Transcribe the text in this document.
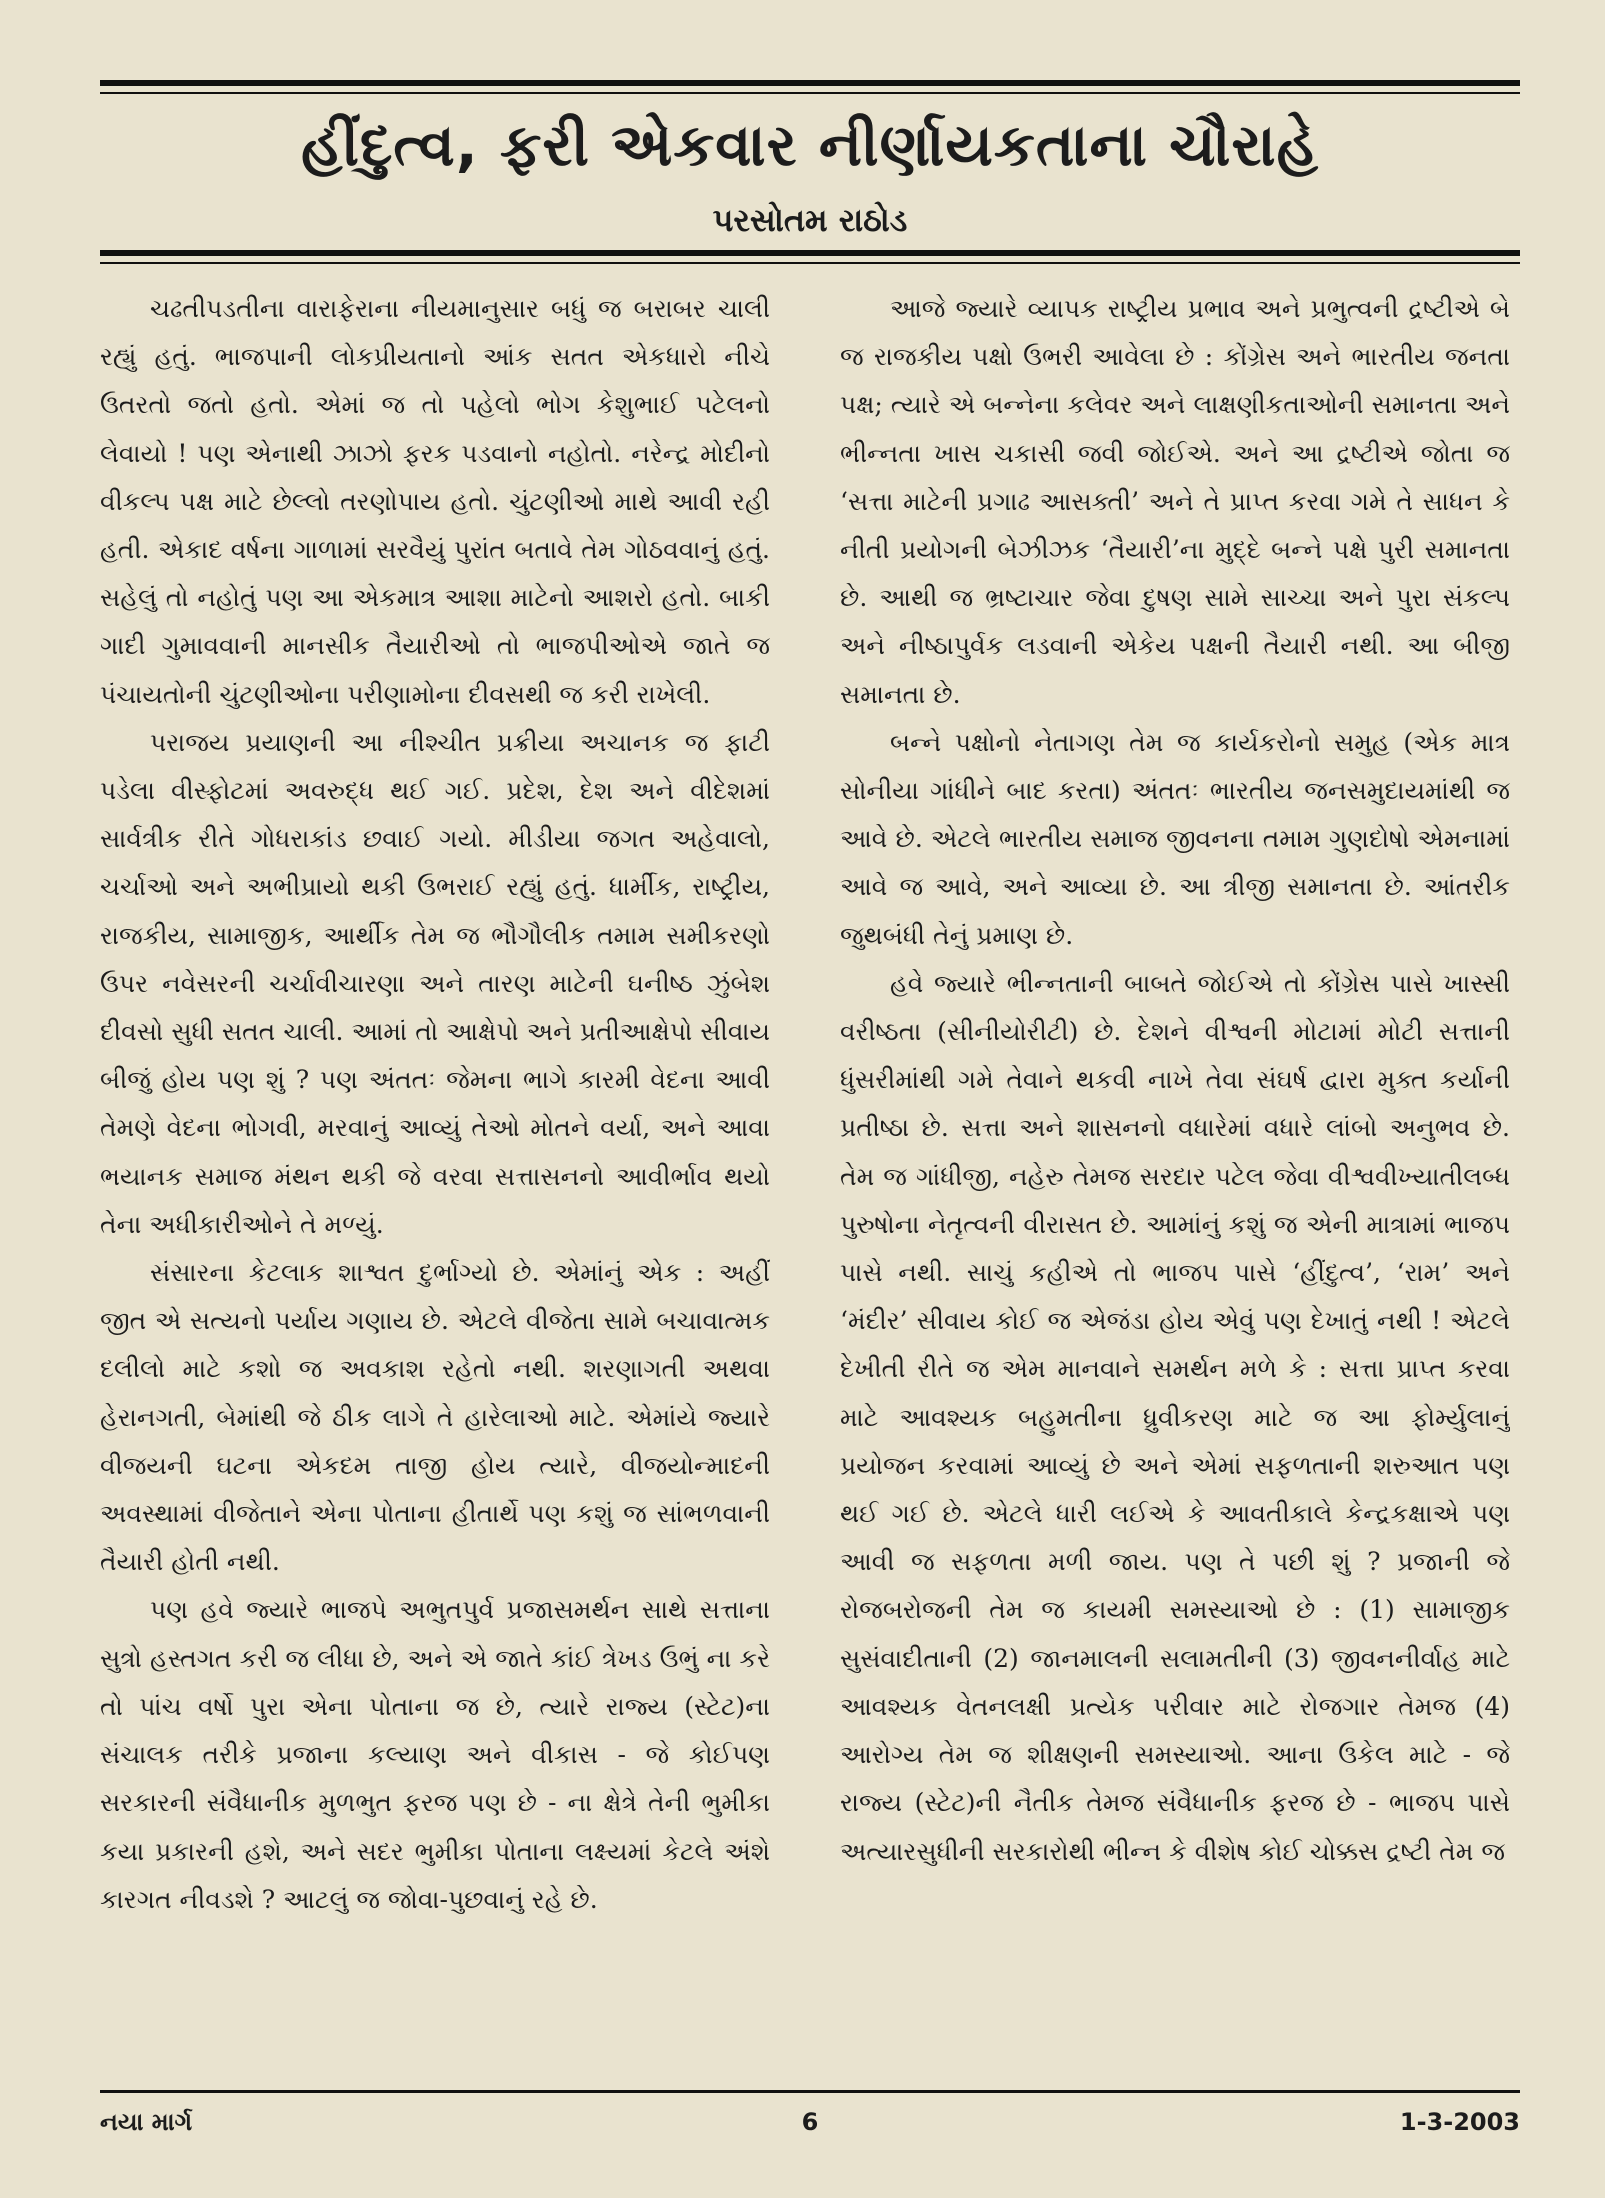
હીંદુત્વ, ફરી એકવાર નીર્ણાયકતાના ચૌરાહે
પરસોતમ રાઠોડ

ચઢતીપડતીના વારાફેરાના નીયમાનુસાર બધું જ બરાબર ચાલી રહ્યું હતું. ભાજપાની લોકપ્રીયતાનો આંક સતત એકધારો નીચે ઉતરતો જતો હતો. એમાં જ તો પહેલો ભોગ કેશુભાઈ પટેલનો લેવાયો ! પણ એનાથી ઝાઝો ફરક પડવાનો નહોતો. નરેન્દ્ર મોદીનો વીકલ્પ પક્ષ માટે છેલ્લો તરણોપાય હતો. ચુંટણીઓ માથે આવી રહી હતી. એકાદ વર્ષના ગાળામાં સરવૈયું પુરાંત બતાવે તેમ ગોઠવવાનું હતું. સહેલું તો નહોતું પણ આ એકમાત્ર આશા માટેનો આશરો હતો. બાકી ગાદી ગુમાવવાની માનસીક તૈયારીઓ તો ભાજપીઓએ જાતે જ પંચાયતોની ચુંટણીઓના પરીણામોના દીવસથી જ કરી રાખેલી.

પરાજય પ્રયાણની આ નીશ્ચીત પ્રક્રીયા અચાનક જ ફાટી પડેલા વીસ્ફોટમાં અવરુદ્ધ થઈ ગઈ. પ્રદેશ, દેશ અને વીદેશમાં સાર્વત્રીક રીતે ગોધરાકાંડ છવાઈ ગયો. મીડીયા જગત અહેવાલો, ચર્ચાઓ અને અભીપ્રાયો થકી ઉભરાઈ રહ્યું હતું. ધાર્મીક, રાષ્ટ્રીય, રાજકીય, સામાજીક, આર્થીક તેમ જ ભૌગૌલીક તમામ સમીકરણો ઉપર નવેસરની ચર્ચાવીચારણા અને તારણ માટેની ઘનીષ્ઠ ઝુંબેશ દીવસો સુધી સતત ચાલી. આમાં તો આક્ષેપો અને પ્રતીઆક્ષેપો સીવાય બીજું હોય પણ શું ? પણ અંતતઃ જેમના ભાગે કારમી વેદના આવી તેમણે વેદના ભોગવી, મરવાનું આવ્યું તેઓ મોતને વર્યા, અને આવા ભયાનક સમાજ મંથન થકી જે વરવા સત્તાસનનો આવીર્ભાવ થયો તેના અધીકારીઓને તે મળ્યું.

સંસારના કેટલાક શાશ્વત દુર્ભાગ્યો છે. એમાંનું એક : અહીં જીત એ સત્યનો પર્યાય ગણાય છે. એટલે વીજેતા સામે બચાવાત્મક દલીલો માટે કશો જ અવકાશ રહેતો નથી. શરણાગતી અથવા હેરાનગતી, બેમાંથી જે ઠીક લાગે તે હારેલાઓ માટે. એમાંયે જ્યારે વીજયની ઘટના એકદમ તાજી હોય ત્યારે, વીજયોન્માદની અવસ્થામાં વીજેતાને એના પોતાના હીતાર્થે પણ કશું જ સાંભળવાની તૈયારી હોતી નથી.

પણ હવે જ્યારે ભાજપે અભુતપુર્વ પ્રજાસમર્થન સાથે સત્તાના સુત્રો હસ્તગત કરી જ લીધા છે, અને એ જાતે કાંઈ ત્રેખડ ઉભું ના કરે તો પાંચ વર્ષો પુરા એના પોતાના જ છે, ત્યારે રાજ્ય (સ્ટેટ)ના સંચાલક તરીકે પ્રજાના કલ્યાણ અને વીકાસ - જે કોઈપણ સરકારની સંવૈધાનીક મુળભુત ફરજ પણ છે - ના ક્ષેત્રે તેની ભુમીકા કયા પ્રકારની હશે, અને સદર ભુમીકા પોતાના લક્ષ્યમાં કેટલે અંશે કારગત નીવડશે ? આટલું જ જોવા-પુછવાનું રહે છે.

આજે જ્યારે વ્યાપક રાષ્ટ્રીય પ્રભાવ અને પ્રભુત્વની દ્રષ્ટીએ બે જ રાજકીય પક્ષો ઉભરી આવેલા છે : કોંગ્રેસ અને ભારતીય જનતા પક્ષ; ત્યારે એ બન્નેના કલેવર અને લાક્ષણીકતાઓની સમાનતા અને ભીન્નતા ખાસ ચકાસી જવી જોઈએ. અને આ દ્રષ્ટીએ જોતા જ ‘સત્તા માટેની પ્રગાઢ આસક્તી’ અને તે પ્રાપ્ત કરવા ગમે તે સાધન કે નીતી પ્રયોગની બેઝીઝક ‘તૈયારી’ના મુદ્દે બન્ને પક્ષે પુરી સમાનતા છે. આથી જ ભ્રષ્ટાચાર જેવા દુષણ સામે સાચ્ચા અને પુરા સંકલ્પ અને નીષ્ઠાપુર્વક લડવાની એકેય પક્ષની તૈયારી નથી. આ બીજી સમાનતા છે.

બન્ને પક્ષોનો નેતાગણ તેમ જ કાર્યકરોનો સમુહ (એક માત્ર સોનીયા ગાંધીને બાદ કરતા) અંતતઃ ભારતીય જનસમુદાયમાંથી જ આવે છે. એટલે ભારતીય સમાજ જીવનના તમામ ગુણદોષો એમનામાં આવે જ આવે, અને આવ્યા છે. આ ત્રીજી સમાનતા છે. આંતરીક જુથબંધી તેનું પ્રમાણ છે.

હવે જ્યારે ભીન્નતાની બાબતે જોઈએ તો કોંગ્રેસ પાસે ખાસ્સી વરીષ્ઠતા (સીનીયોરીટી) છે. દેશને વીશ્વની મોટામાં મોટી સત્તાની ધુંસરીમાંથી ગમે તેવાને થકવી નાખે તેવા સંઘર્ષ દ્વારા મુક્ત કર્યાની પ્રતીષ્ઠા છે. સત્તા અને શાસનનો વધારેમાં વધારે લાંબો અનુભવ છે. તેમ જ ગાંધીજી, નહેરુ તેમજ સરદાર પટેલ જેવા વીશ્વવીખ્યાતીલબ્ધ પુરુષોના નેતૃત્વની વીરાસત છે. આમાંનું કશું જ એની માત્રામાં ભાજપ પાસે નથી. સાચું કહીએ તો ભાજપ પાસે ‘હીંદુત્વ’, ‘રામ’ અને ‘મંદીર’ સીવાય કોઈ જ એજંડા હોય એવું પણ દેખાતું નથી ! એટલે દેખીતી રીતે જ એમ માનવાને સમર્થન મળે કે : સત્તા પ્રાપ્ત કરવા માટે આવશ્યક બહુમતીના ધ્રુવીકરણ માટે જ આ ફોર્મ્યુલાનું પ્રયોજન કરવામાં આવ્યું છે અને એમાં સફળતાની શરુઆત પણ થઈ ગઈ છે. એટલે ધારી લઈએ કે આવતીકાલે કેન્દ્રકક્ષાએ પણ આવી જ સફળતા મળી જાય. પણ તે પછી શું ? પ્રજાની જે રોજબરોજની તેમ જ કાયમી સમસ્યાઓ છે : (1) સામાજીક સુસંવાદીતાની (2) જાનમાલની સલામતીની (3) જીવનનીર્વાહ માટે આવશ્યક વેતનલક્ષી પ્રત્યેક પરીવાર માટે રોજગાર તેમજ (4) આરોગ્ય તેમ જ શીક્ષણની સમસ્યાઓ. આના ઉકેલ માટે - જે રાજ્ય (સ્ટેટ)ની નૈતીક તેમજ સંવૈધાનીક ફરજ છે - ભાજપ પાસે અત્યારસુધીની સરકારોથી ભીન્ન કે વીશેષ કોઈ ચોક્કસ દ્રષ્ટી તેમ જ

નયા માર્ગ	6	1-3-2003
